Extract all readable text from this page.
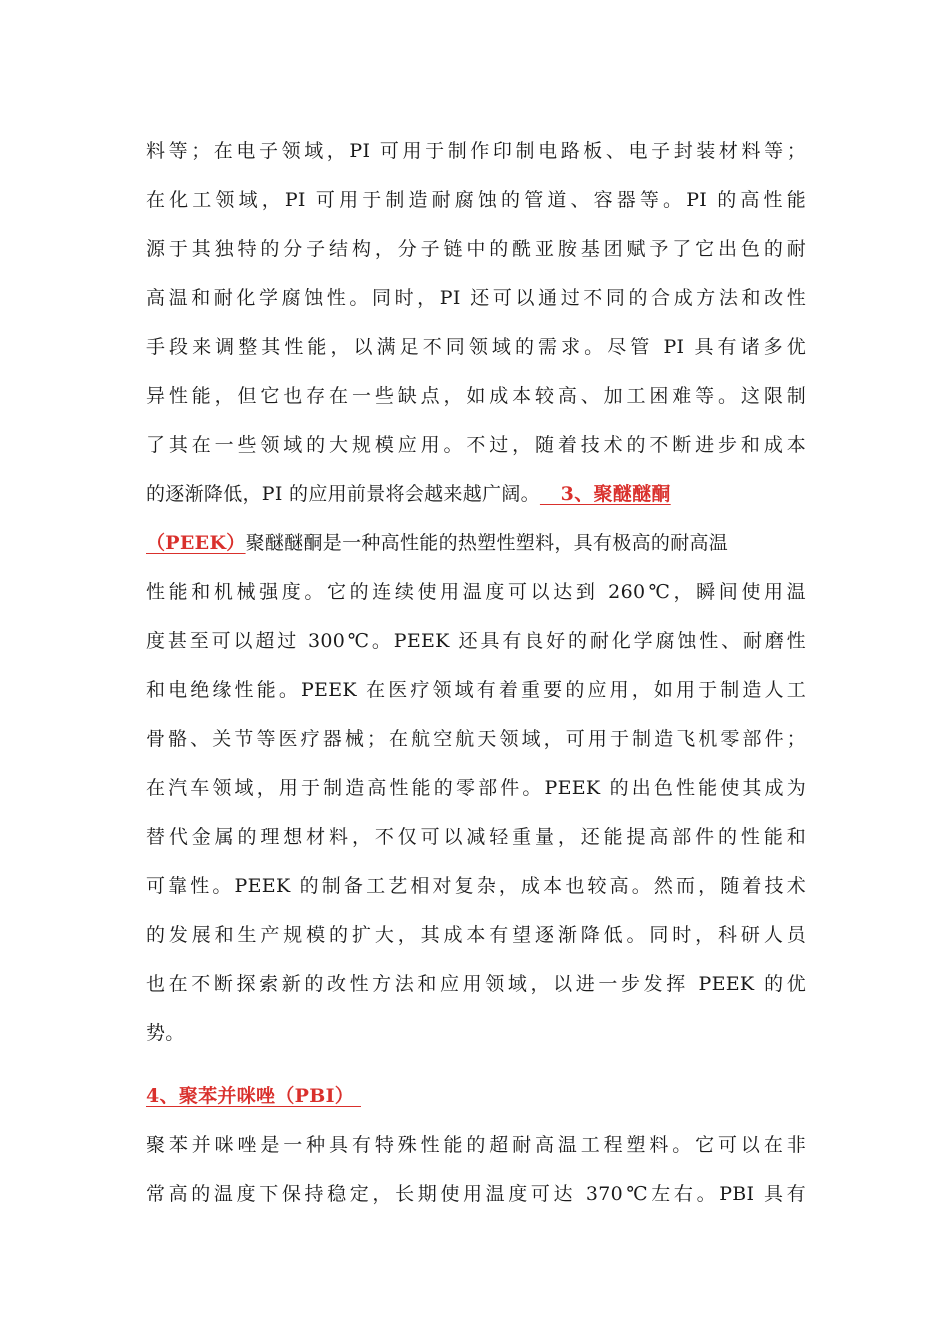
料等；在电子领域，PI 可用于制作印制电路板、电子封装材料等；
在化工领域，PI 可用于制造耐腐蚀的管道、容器等。PI 的高性能
源于其独特的分子结构，分子链中的酰亚胺基团赋予了它出色的耐
高温和耐化学腐蚀性。同时，PI 还可以通过不同的合成方法和改性
手段来调整其性能，以满足不同领域的需求。尽管 PI 具有诸多优
异性能，但它也存在一些缺点，如成本较高、加工困难等。这限制
了其在一些领域的大规模应用。不过，随着技术的不断进步和成本
的逐渐降低，PI 的应用前景将会越来越广阔。   3、聚醚醚酮
（PEEK）聚醚醚酮是一种高性能的热塑性塑料，具有极高的耐高温
性能和机械强度。它的连续使用温度可以达到 260℃，瞬间使用温
度甚至可以超过 300℃。PEEK 还具有良好的耐化学腐蚀性、耐磨性
和电绝缘性能。PEEK 在医疗领域有着重要的应用，如用于制造人工
骨骼、关节等医疗器械；在航空航天领域，可用于制造飞机零部件；
在汽车领域，用于制造高性能的零部件。PEEK 的出色性能使其成为
替代金属的理想材料，不仅可以减轻重量，还能提高部件的性能和
可靠性。PEEK 的制备工艺相对复杂，成本也较高。然而，随着技术
的发展和生产规模的扩大，其成本有望逐渐降低。同时，科研人员
也在不断探索新的改性方法和应用领域，以进一步发挥 PEEK 的优
势。
4、聚苯并咪唑（PBI）
聚苯并咪唑是一种具有特殊性能的超耐高温工程塑料。它可以在非
常高的温度下保持稳定，长期使用温度可达 370℃左右。PBI 具有
